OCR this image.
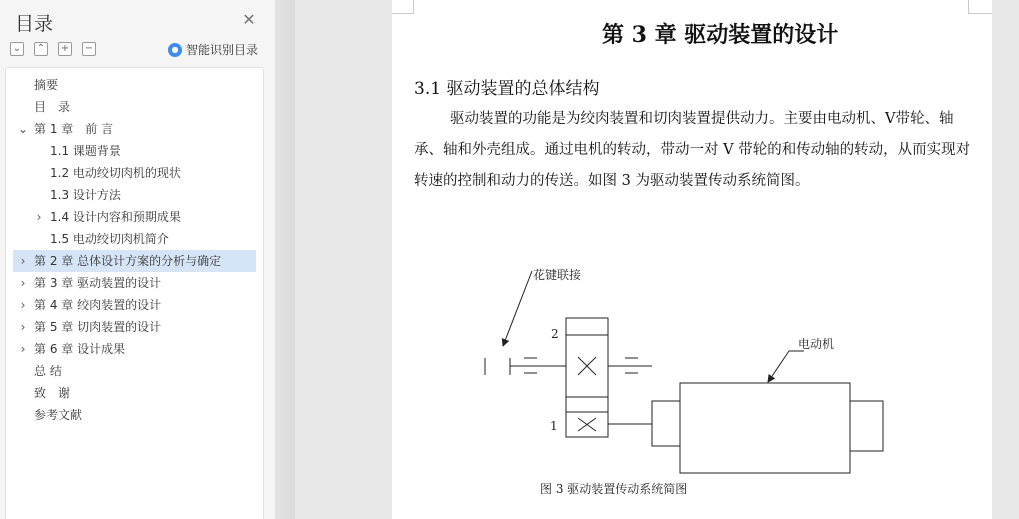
目录	✕
⌄ ⌃ + −	● 智能识别目录
摘要
目　录
⌄ 第 1 章　前 言
1.1 课题背景
1.2 电动绞切肉机的现状
1.3 设计方法
› 1.4 设计内容和预期成果
1.5 电动绞切肉机简介
› 第 2 章 总体设计方案的分析与确定
› 第 3 章 驱动装置的设计
› 第 4 章 绞肉装置的设计
› 第 5 章 切肉装置的设计
› 第 6 章 设计成果
总 结
致　谢
参考文献
第 3 章 驱动装置的设计
3.1 驱动装置的总体结构
驱动装置的功能是为绞肉装置和切肉装置提供动力。主要由电动机、V带轮、轴承、轴和外壳组成。通过电机的转动，带动一对 V 带轮的和传动轴的转动，从而实现对转速的控制和动力的传送。如图 3 为驱动装置传动系统简图。
花键联接
电动机
2
1
图 3 驱动装置传动系统简图
